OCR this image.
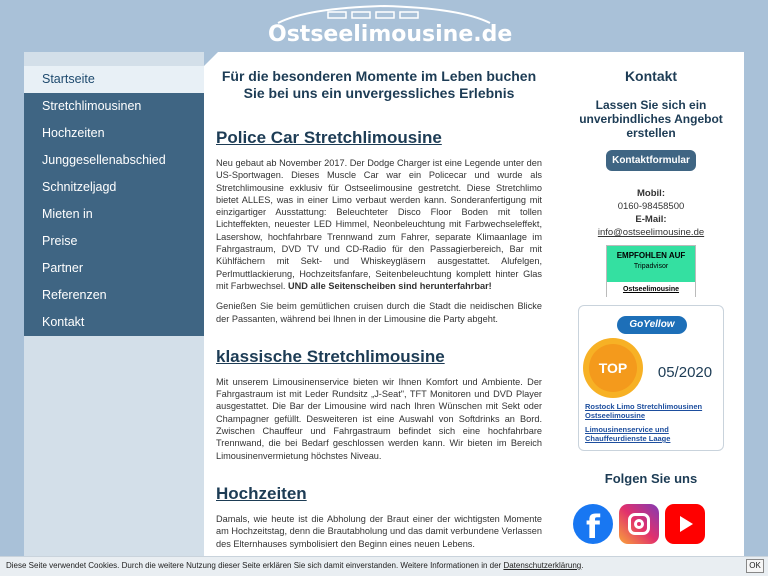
Ostseelimousine.de
Startseite
Stretchlimousinen
Hochzeiten
Junggesellenabschied
Schnitzeljagd
Mieten in
Preise
Partner
Referenzen
Kontakt
Für die besonderen Momente im Leben buchen Sie bei uns ein unvergessliches Erlebnis
Police Car Stretchlimousine

Neu gebaut ab November 2017. Der Dodge Charger ist eine Legende unter den US-Sportwagen. Dieses Muscle Car war ein Policecar und wurde als Stretchlimousine exklusiv für Ostseelimousine gestretcht. Diese Stretchlimo bietet ALLES, was in einer Limo verbaut werden kann. Sonderanfertigung mit einzigartiger Ausstattung: Beleuchteter Disco Floor Boden mit tollen Lichteffekten, neuester LED Himmel, Neonbeleuchtung mit Farbwechseleffekt, Lasershow, hochfahrbare Trennwand zum Fahrer, separate Klimaanlage im Fahrgastraum, DVD TV und CD-Radio für den Passagierbereich, Bar mit Kühlfächern mit Sekt- und Whiskeygläsern ausgestattet. Alufelgen, Perlmuttlackierung, Hochzeitsfanfare, Seitenbeleuchtung komplett hinter Glas mit Farbwechsel. UND alle Seitenscheiben sind herunterfahrbar!

Genießen Sie beim gemütlichen cruisen durch die Stadt die neidischen Blicke der Passanten, während bei Ihnen in der Limousine die Party abgeht.

klassische Stretchlimousine

Mit unserem Limousinenservice bieten wir Ihnen Komfort und Ambiente. Der Fahrgastraum ist mit Leder Rundsitz „J-Seat", TFT Monitoren und DVD Player ausgestattet. Die Bar der Limousine wird nach Ihren Wünschen mit Sekt oder Champagner gefüllt. Desweiteren ist eine Auswahl von Softdrinks an Bord. Zwischen Chauffeur und Fahrgastraum befindet sich eine hochfahrbare Trennwand, die bei Bedarf geschlossen werden kann. Wir bieten im Bereich Limousinenvermietung höchstes Niveau.

Hochzeiten

Damals, wie heute ist die Abholung der Braut einer der wichtigsten Momente am Hochzeitstag, denn die Brautabholung und das damit verbundene Verlassen des Elternhauses symbolisiert den Beginn eines neuen Lebens.

Kontakt
Lassen Sie sich ein unverbindliches Angebot erstellen
Kontaktformular
Mobil:
0160-98458500
E-Mail:
info@ostseelimousine.de
EMPFOHLEN AUF
Tripadvisor
Ostseelimousine
GoYellow
TOP	05/2020
Rostock Limo Stretchlimousinen Ostseelimousine
Limousinenservice und Chauffeurdienste Laage
Folgen Sie uns
f
Diese Seite verwendet Cookies. Durch die weitere Nutzung dieser Seite erklären Sie sich damit einverstanden. Weitere Informationen in der Datenschutzerklärung.	OK
